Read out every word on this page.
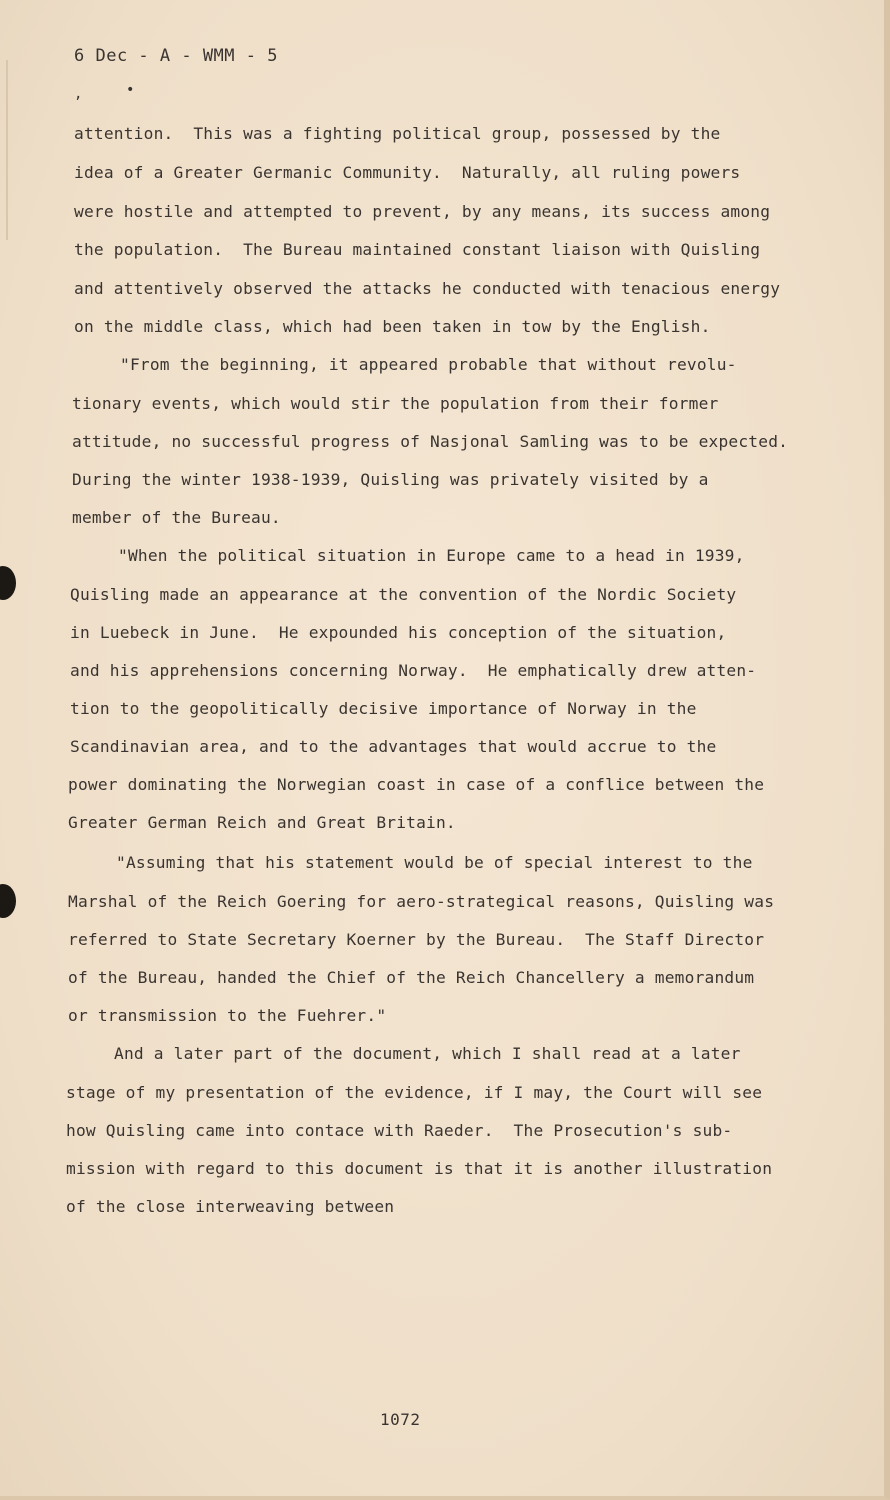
6 Dec - A - WMM - 5
,	•
attention.  This was a fighting political group, possessed by the
idea of a Greater Germanic Community.  Naturally, all ruling powers
were hostile and attempted to prevent, by any means, its success among
the population.  The Bureau maintained constant liaison with Quisling
and attentively observed the attacks he conducted with tenacious energy
on the middle class, which had been taken in tow by the English.
"From the beginning, it appeared probable that without revolu-
tionary events, which would stir the population from their former
attitude, no successful progress of Nasjonal Samling was to be expected.
During the winter 1938-1939, Quisling was privately visited by a
member of the Bureau.
"When the political situation in Europe came to a head in 1939,
Quisling made an appearance at the convention of the Nordic Society
in Luebeck in June.  He expounded his conception of the situation,
and his apprehensions concerning Norway.  He emphatically drew atten-
tion to the geopolitically decisive importance of Norway in the
Scandinavian area, and to the advantages that would accrue to the
power dominating the Norwegian coast in case of a conflice between the
Greater German Reich and Great Britain.
"Assuming that his statement would be of special interest to the
Marshal of the Reich Goering for aero-strategical reasons, Quisling was
referred to State Secretary Koerner by the Bureau.  The Staff Director
of the Bureau, handed the Chief of the Reich Chancellery a memorandum
or transmission to the Fuehrer."
And a later part of the document, which I shall read at a later
stage of my presentation of the evidence, if I may, the Court will see
how Quisling came into contace with Raeder.  The Prosecution's sub-
mission with regard to this document is that it is another illustration
of the close interweaving between
1072
